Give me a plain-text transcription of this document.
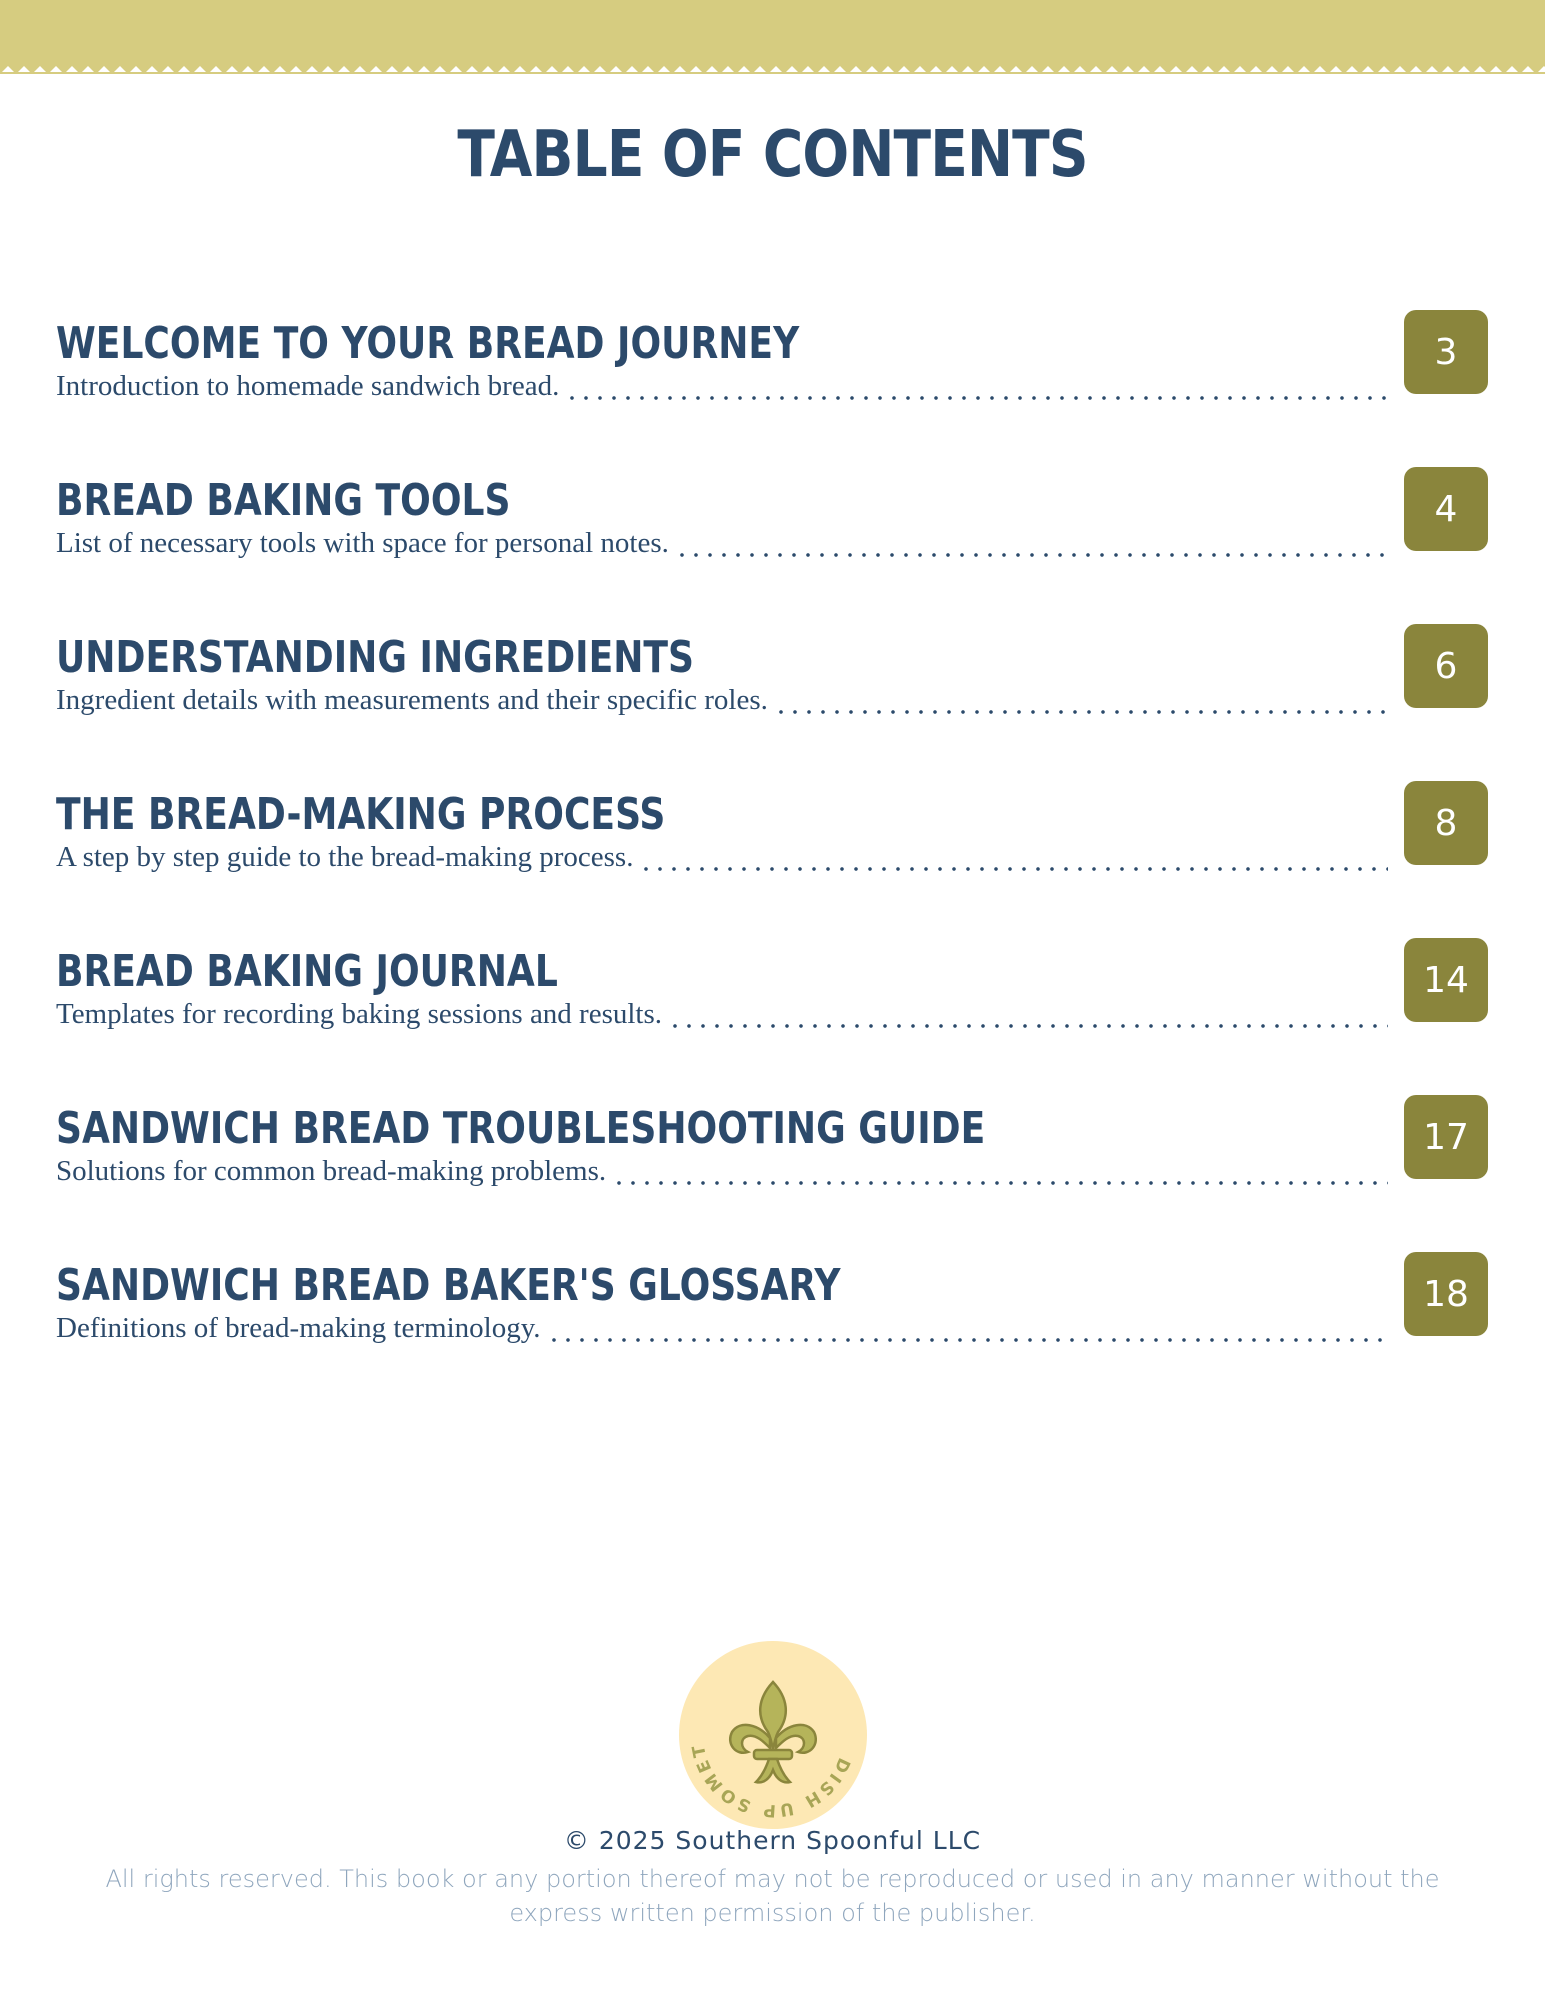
TABLE OF CONTENTS
WELCOME TO YOUR BREAD JOURNEY
Introduction to homemade sandwich bread.
3
BREAD BAKING TOOLS
List of necessary tools with space for personal notes.
4
UNDERSTANDING INGREDIENTS
Ingredient details with measurements and their specific roles.
6
THE BREAD-MAKING PROCESS
A step by step guide to the bread-making process.
8
BREAD BAKING JOURNAL
Templates for recording baking sessions and results.
14
SANDWICH BREAD TROUBLESHOOTING GUIDE
Solutions for common bread-making problems.
17
SANDWICH BREAD BAKER'S GLOSSARY
Definitions of bread-making terminology.
18
DISH UP SOMET
© 2025 Southern Spoonful LLC
All rights reserved. This book or any portion thereof may not be reproduced or used in any manner without the express written permission of the publisher.
